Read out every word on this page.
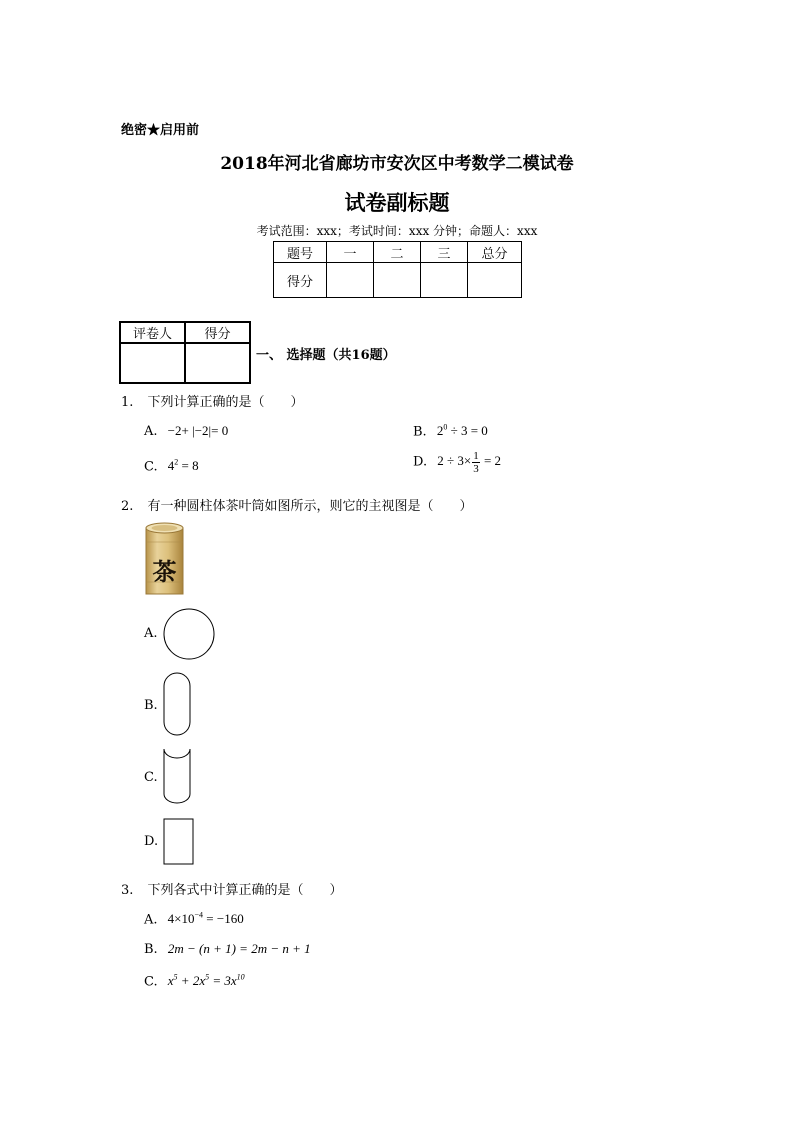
绝密★启用前
2018年河北省廊坊市安次区中考数学二模试卷
试卷副标题
考试范围：xxx；考试时间：xxx 分钟；命题人：xxx
题号	一	二	三	总分
得分				
评卷人	得分

一、 选择题（共16题）
1. 下列计算正确的是（　　）
A. −2+ |−2|= 0	B. $2^0 \div 3 = 0$
C. $4^2 = 8$	D. $2 \div 3\times \frac{1}{3} = 2$
2. 有一种圆柱体茶叶筒如图所示，则它的主视图是（　　）
茶
A.
B.
C.
D.
3. 下列各式中计算正确的是（　　）
A. $4\times 10^{-4} = -160$
B. 2m − (n + 1) = 2m − n + 1
C. $x^5 + 2x^5 = 3x^{10}$
